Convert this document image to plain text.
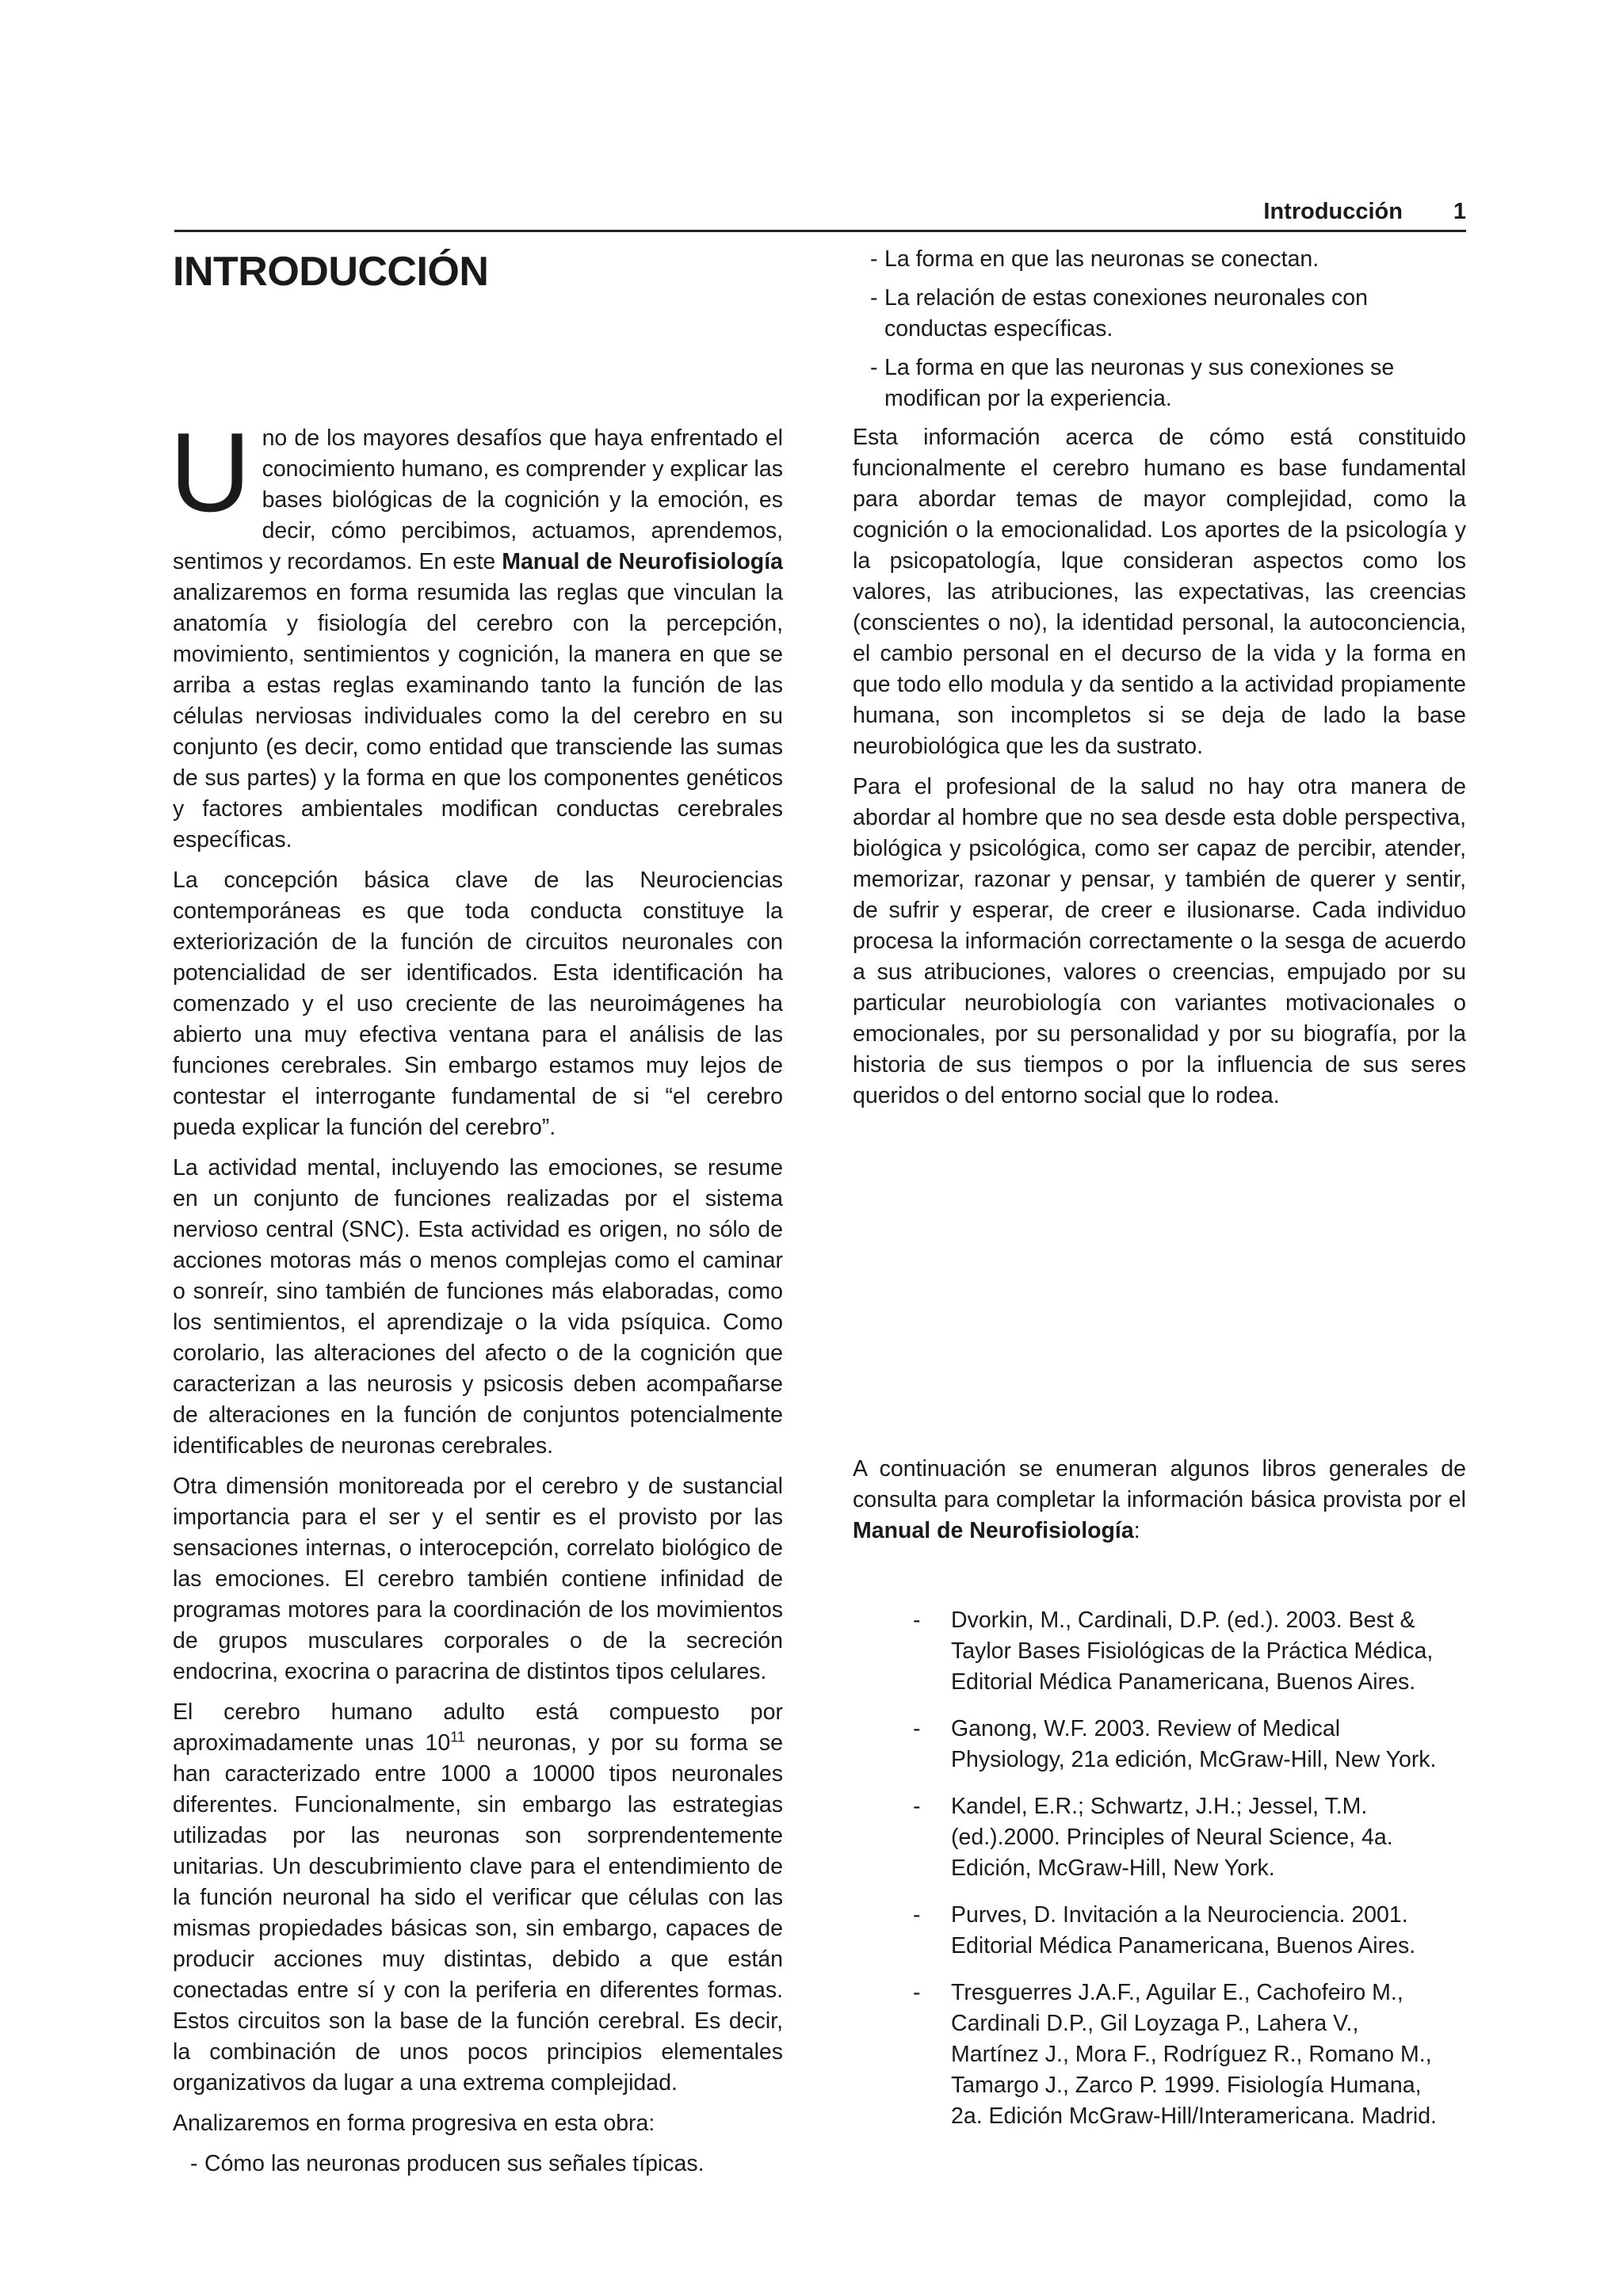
Introducción 1
INTRODUCCIÓN

Uno de los mayores desafíos que haya enfrentado el conocimiento humano, es comprender y explicar las bases biológicas de la cognición y la emoción, es decir, cómo percibimos, actuamos, aprendemos, sentimos y recordamos. En este Manual de Neurofisiología analizaremos en forma resumida las reglas que vinculan la anatomía y fisiología del cerebro con la percepción, movimiento, sentimientos y cognición, la manera en que se arriba a estas reglas examinando tanto la función de las células nerviosas individuales como la del cerebro en su conjunto (es decir, como entidad que transciende las sumas de sus partes) y la forma en que los componentes genéticos y factores ambientales modifican conductas cerebrales específicas.

La concepción básica clave de las Neurociencias contemporáneas es que toda conducta constituye la exteriorización de la función de circuitos neuronales con potencialidad de ser identificados. Esta identificación ha comenzado y el uso creciente de las neuroimágenes ha abierto una muy efectiva ventana para el análisis de las funciones cerebrales. Sin embargo estamos muy lejos de contestar el interrogante fundamental de si “el cerebro pueda explicar la función del cerebro”.

La actividad mental, incluyendo las emociones, se resume en un conjunto de funciones realizadas por el sistema nervioso central (SNC). Esta actividad es origen, no sólo de acciones motoras más o menos complejas como el caminar o sonreír, sino también de funciones más elaboradas, como los sentimientos, el aprendizaje o la vida psíquica. Como corolario, las alteraciones del afecto o de la cognición que caracterizan a las neurosis y psicosis deben acompañarse de alteraciones en la función de conjuntos potencialmente identificables de neuronas cerebrales.

Otra dimensión monitoreada por el cerebro y de sustancial importancia para el ser y el sentir es el provisto por las sensaciones internas, o interocepción, correlato biológico de las emociones. El cerebro también contiene infinidad de programas motores para la coordinación de los movimientos de grupos musculares corporales o de la secreción endocrina, exocrina o paracrina de distintos tipos celulares.

El cerebro humano adulto está compuesto por aproximadamente unas $10^{11}$ neuronas, y por su forma se han caracterizado entre 1000 a 10000 tipos neuronales diferentes. Funcionalmente, sin embargo las estrategias utilizadas por las neuronas son sorprendentemente unitarias. Un descubrimiento clave para el entendimiento de la función neuronal ha sido el verificar que células con las mismas propiedades básicas son, sin embargo, capaces de producir acciones muy distintas, debido a que están conectadas entre sí y con la periferia en diferentes formas. Estos circuitos son la base de la función cerebral. Es decir, la combinación de unos pocos principios elementales organizativos da lugar a una extrema complejidad.

Analizaremos en forma progresiva en esta obra:

- Cómo las neuronas producen sus señales típicas.
- La forma en que las neuronas se conectan.
- La relación de estas conexiones neuronales con conductas específicas.
- La forma en que las neuronas y sus conexiones se modifican por la experiencia.

Esta información acerca de cómo está constituido funcionalmente el cerebro humano es base fundamental para abordar temas de mayor complejidad, como la cognición o la emocionalidad. Los aportes de la psicología y la psicopatología, lque consideran aspectos como los valores, las atribuciones, las expectativas, las creencias (conscientes o no), la identidad personal, la autoconciencia, el cambio personal en el decurso de la vida y la forma en que todo ello modula y da sentido a la actividad propiamente humana, son incompletos si se deja de lado la base neurobiológica que les da sustrato.

Para el profesional de la salud no hay otra manera de abordar al hombre que no sea desde esta doble perspectiva, biológica y psicológica, como ser capaz de percibir, atender, memorizar, razonar y pensar, y también de querer y sentir, de sufrir y esperar, de creer e ilusionarse. Cada individuo procesa la información correctamente o la sesga de acuerdo a sus atribuciones, valores o creencias, empujado por su particular neurobiología con variantes motivacionales o emocionales, por su personalidad y por su biografía, por la historia de sus tiempos o por la influencia de sus seres queridos o del entorno social que lo rodea.

A continuación se enumeran algunos libros generales de consulta para completar la información básica provista por el Manual de Neurofisiología:

-	Dvorkin, M., Cardinali, D.P. (ed.). 2003. Best & Taylor Bases Fisiológicas de la Práctica Médica, Editorial Médica Panamericana, Buenos Aires.
-	Ganong, W.F. 2003. Review of Medical Physiology, 21a edición, McGraw-Hill, New York.
-	Kandel, E.R.; Schwartz, J.H.; Jessel, T.M. (ed.).2000. Principles of Neural Science, 4a. Edición, McGraw-Hill, New York.
-	Purves, D. Invitación a la Neurociencia. 2001. Editorial Médica Panamericana, Buenos Aires.
-	Tresguerres J.A.F., Aguilar E., Cachofeiro M., Cardinali D.P., Gil Loyzaga P., Lahera V., Martínez J., Mora F., Rodríguez R., Romano M., Tamargo J., Zarco P. 1999. Fisiología Humana, 2a. Edición McGraw-Hill/Interamericana. Madrid.
